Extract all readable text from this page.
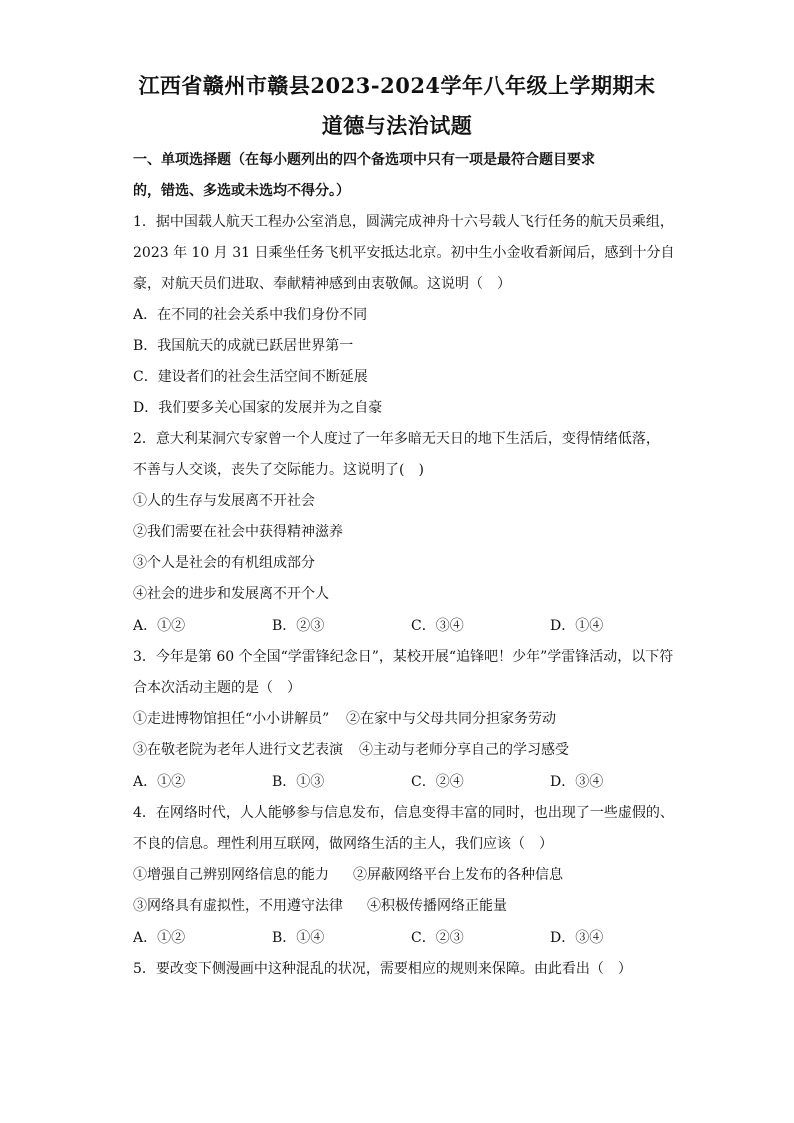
江西省赣州市赣县2023-2024学年八年级上学期期末
道德与法治试题
一、单项选择题（在每小题列出的四个备选项中只有一项是最符合题目要求
的，错选、多选或未选均不得分。）
1．据中国载人航天工程办公室消息，圆满完成神舟十六号载人飞行任务的航天员乘组，
2023 年 10 月 31 日乘坐任务飞机平安抵达北京。初中生小金收看新闻后，感到十分自
豪，对航天员们进取、奉献精神感到由衷敬佩。这说明（　）
A．在不同的社会关系中我们身份不同
B．我国航天的成就已跃居世界第一
C．建设者们的社会生活空间不断延展
D．我们要多关心国家的发展并为之自豪
2．意大利某洞穴专家曾一个人度过了一年多暗无天日的地下生活后，变得情绪低落，
不善与人交谈，丧失了交际能力。这说明了(　)
①人的生存与发展离不开社会
②我们需要在社会中获得精神滋养
③个人是社会的有机组成部分
④社会的进步和发展离不开个人
A．①②	B．②③	C．③④	D．①④
3．今年是第 60 个全国“学雷锋纪念日”，某校开展“追锋吧！少年”学雷锋活动，以下符
合本次活动主题的是（　）
①走进博物馆担任“小小讲解员” ②在家中与父母共同分担家务劳动
③在敬老院为老年人进行文艺表演 ④主动与老师分享自己的学习感受
A．①②	B．①③	C．②④	D．③④
4．在网络时代，人人能够参与信息发布，信息变得丰富的同时，也出现了一些虚假的、
不良的信息。理性利用互联网，做网络生活的主人，我们应该（　）
①增强自己辨别网络信息的能力 ②屏蔽网络平台上发布的各种信息
③网络具有虚拟性，不用遵守法律 ④积极传播网络正能量
A．①②	B．①④	C．②③	D．③④
5．要改变下侧漫画中这种混乱的状况，需要相应的规则来保障。由此看出（　）
